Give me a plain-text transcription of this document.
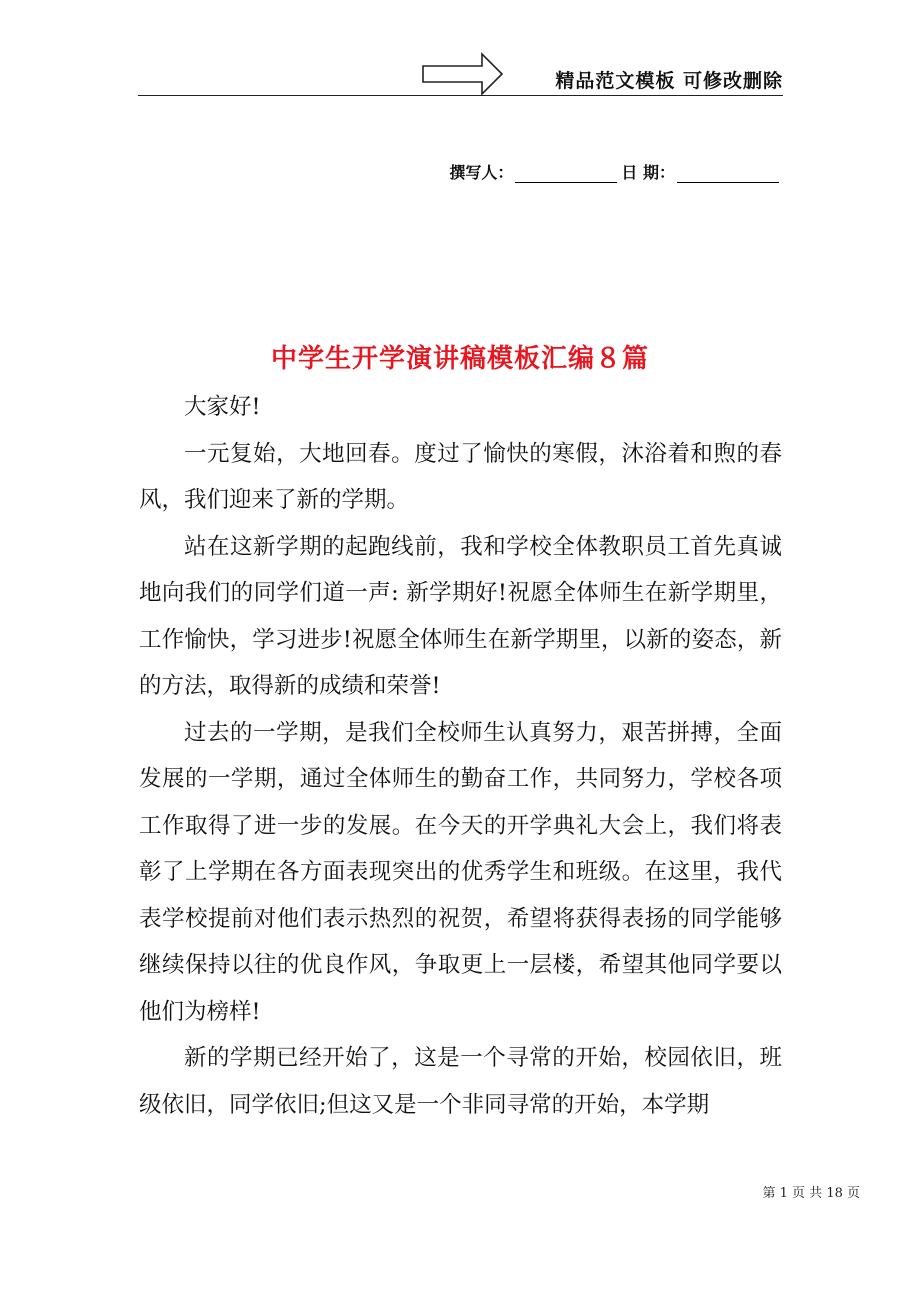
精品范文模板 可修改删除
撰写人：	日 期：
中学生开学演讲稿模板汇编８篇

大家好!

一元复始，大地回春。度过了愉快的寒假，沐浴着和煦的春风，我们迎来了新的学期。

站在这新学期的起跑线前，我和学校全体教职员工首先真诚地向我们的同学们道一声: 新学期好!祝愿全体师生在新学期里，工作愉快，学习进步!祝愿全体师生在新学期里，以新的姿态，新的方法，取得新的成绩和荣誉!

过去的一学期，是我们全校师生认真努力，艰苦拼搏，全面发展的一学期，通过全体师生的勤奋工作，共同努力，学校各项工作取得了进一步的发展。在今天的开学典礼大会上，我们将表彰了上学期在各方面表现突出的优秀学生和班级。在这里，我代表学校提前对他们表示热烈的祝贺，希望将获得表扬的同学能够继续保持以往的优良作风，争取更上一层楼，希望其他同学要以他们为榜样!

新的学期已经开始了，这是一个寻常的开始，校园依旧，班级依旧，同学依旧;但这又是一个非同寻常的开始，本学期

第 1 页 共 18 页
